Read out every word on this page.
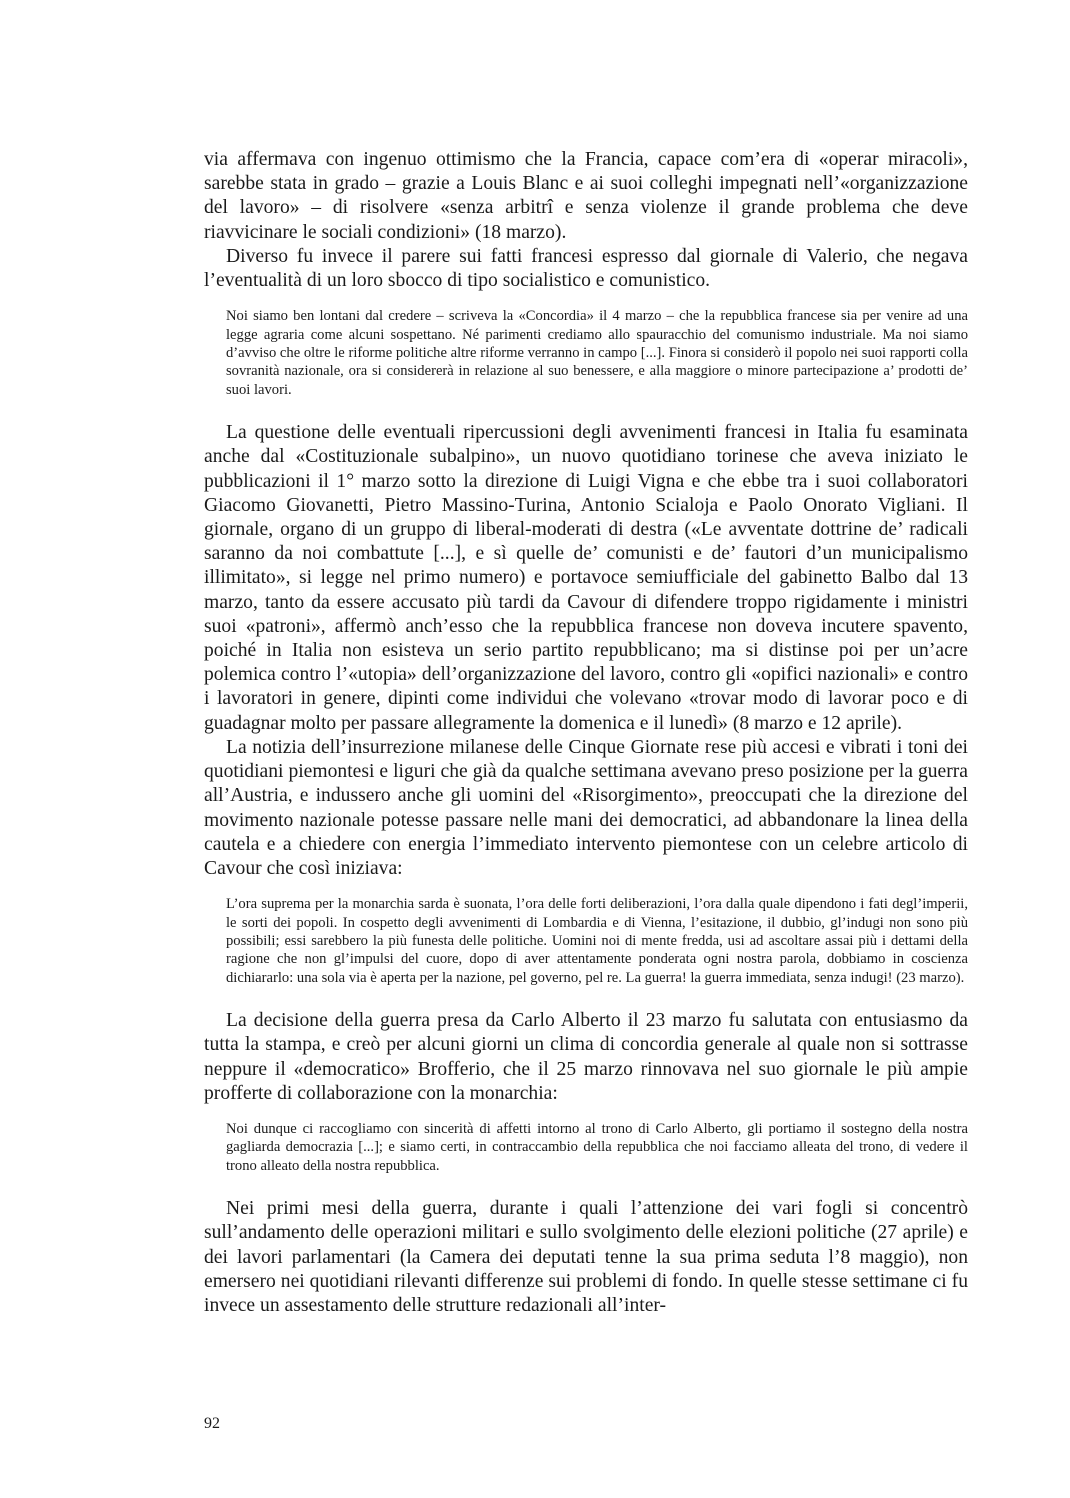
via affermava con ingenuo ottimismo che la Francia, capace com’era di «operar miracoli», sarebbe stata in grado – grazie a Louis Blanc e ai suoi colleghi impegnati nell’«organizzazione del lavoro» – di risolvere «senza arbitrî e senza violenze il grande problema che deve riavvicinare le sociali condizioni» (18 marzo).

Diverso fu invece il parere sui fatti francesi espresso dal giornale di Valerio, che negava l’eventualità di un loro sbocco di tipo socialistico e comunistico.

Noi siamo ben lontani dal credere – scriveva la «Concordia» il 4 marzo – che la repubblica francese sia per venire ad una legge agraria come alcuni sospettano. Né parimenti crediamo allo spauracchio del comunismo industriale. Ma noi siamo d’avviso che oltre le riforme politiche altre riforme verranno in campo [...]. Finora si considerò il popolo nei suoi rapporti colla sovranità nazionale, ora si considererà in relazione al suo benessere, e alla maggiore o minore partecipazione a’ prodotti de’ suoi lavori.

La questione delle eventuali ripercussioni degli avvenimenti francesi in Italia fu esaminata anche dal «Costituzionale subalpino», un nuovo quotidiano torinese che aveva iniziato le pubblicazioni il 1° marzo sotto la direzione di Luigi Vigna e che ebbe tra i suoi collaboratori Giacomo Giovanetti, Pietro Massino-Turina, Antonio Scialoja e Paolo Onorato Vigliani. Il giornale, organo di un gruppo di liberal-moderati di destra («Le avventate dottrine de’ radicali saranno da noi combattute [...], e sì quelle de’ comunisti e de’ fautori d’un municipalismo illimitato», si legge nel primo numero) e portavoce semiufficiale del gabinetto Balbo dal 13 marzo, tanto da essere accusato più tardi da Cavour di difendere troppo rigidamente i ministri suoi «patroni», affermò anch’esso che la repubblica francese non doveva incutere spavento, poiché in Italia non esisteva un serio partito repubblicano; ma si distinse poi per un’acre polemica contro l’«utopia» dell’organizzazione del lavoro, contro gli «opifici nazionali» e contro i lavoratori in genere, dipinti come individui che volevano «trovar modo di lavorar poco e di guadagnar molto per passare allegramente la domenica e il lunedì» (8 marzo e 12 aprile).

La notizia dell’insurrezione milanese delle Cinque Giornate rese più accesi e vibrati i toni dei quotidiani piemontesi e liguri che già da qualche settimana avevano preso posizione per la guerra all’Austria, e indussero anche gli uomini del «Risorgimento», preoccupati che la direzione del movimento nazionale potesse passare nelle mani dei democratici, ad abbandonare la linea della cautela e a chiedere con energia l’immediato intervento piemontese con un celebre articolo di Cavour che così iniziava:

L’ora suprema per la monarchia sarda è suonata, l’ora delle forti deliberazioni, l’ora dalla quale dipendono i fati degl’imperii, le sorti dei popoli. In cospetto degli avvenimenti di Lombardia e di Vienna, l’esitazione, il dubbio, gl’indugi non sono più possibili; essi sarebbero la più funesta delle politiche. Uomini noi di mente fredda, usi ad ascoltare assai più i dettami della ragione che non gl’impulsi del cuore, dopo di aver attentamente ponderata ogni nostra parola, dobbiamo in coscienza dichiararlo: una sola via è aperta per la nazione, pel governo, pel re. La guerra! la guerra immediata, senza indugi! (23 marzo).

La decisione della guerra presa da Carlo Alberto il 23 marzo fu salutata con entusiasmo da tutta la stampa, e creò per alcuni giorni un clima di concordia generale al quale non si sottrasse neppure il «democratico» Brofferio, che il 25 marzo rinnovava nel suo giornale le più ampie profferte di collaborazione con la monarchia:

Noi dunque ci raccogliamo con sincerità di affetti intorno al trono di Carlo Alberto, gli portiamo il sostegno della nostra gagliarda democrazia [...]; e siamo certi, in contraccambio della repubblica che noi facciamo alleata del trono, di vedere il trono alleato della nostra repubblica.

Nei primi mesi della guerra, durante i quali l’attenzione dei vari fogli si concentrò sull’andamento delle operazioni militari e sullo svolgimento delle elezioni politiche (27 aprile) e dei lavori parlamentari (la Camera dei deputati tenne la sua prima seduta l’8 maggio), non emersero nei quotidiani rilevanti differenze sui problemi di fondo. In quelle stesse settimane ci fu invece un assestamento delle strutture redazionali all’inter-

92
